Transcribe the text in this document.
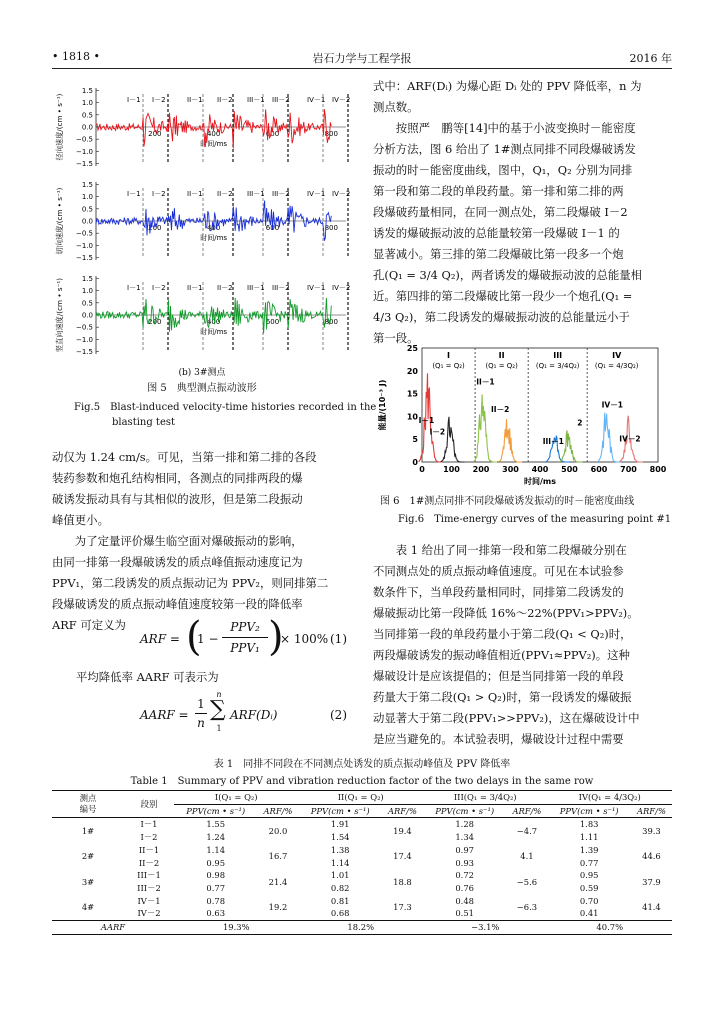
• 1818 •	岩石力学与工程学报	2016 年
径向速度/(cm • s⁻¹)
1.5
1.0
0.5
0.0
−0.5
−1.0
−1.5
200	400	600	800
时间/ms
I－1 I－2	II－1 II－2 III－1 III－2 IV－1 IV－2
切向速度/(cm • s⁻¹)
1.5
1.0
0.5
0.0
−0.5
−1.0
−1.5
200	400	600	800
时间/ms
I－1 I－2	II－1 II－2 III－1 III－2 IV－1 IV－2
竖直向速度/(cm • s⁻¹)	1.5
1.0
0.5
0.0
−0.5
−1.0
−1.5
200	400	600	800
时间/ms
I－1 I－2	II－1 II－2 III－1 III－2 IV－1 IV－2
(b) 3#测点
图 5　典型测点振动波形
Fig.5　Blast-induced velocity-time histories recorded in the
blasting test

动仅为 1.24 cm/s。可见，当第一排和第二排的各段

装药参数和炮孔结构相同，各测点的同排两段的爆

破诱发振动具有与其相似的波形，但是第二段振动

峰值更小。

为了定量评价爆生临空面对爆破振动的影响，

由同一排第一段爆破诱发的质点峰值振动速度记为

PPV₁，第二段诱发的质点振动记为 PPV₂，则同排第二

段爆破诱发的质点振动峰值速度较第一段的降低率

ARF 可定义为

ARF = (
1 −
PPV₂
PPV₁ )
× 100% (1)
平均降低率 AARF 可表示为
AARF =
1
n
n
∑
1
ARF(Dᵢ)	(2)

式中：ARF(Dᵢ) 为爆心距 Dᵢ 处的 PPV 降低率，n 为

测点数。

按照严　鹏等[14]中的基于小波变换时－能密度

分析方法，图 6 给出了 1#测点同排不同段爆破诱发

振动的时－能密度曲线，图中，Q₁，Q₂ 分别为同排

第一段和第二段的单段药量。第一排和第二排的两

段爆破药量相同，在同一测点处，第二段爆破 I－2

诱发的爆破振动波的总能量较第一段爆破 I－1 的

显著减小。第三排的第二段爆破比第一段多一个炮

孔(Q₁ = 3/4 Q₂)，两者诱发的爆破振动波的总能量相

近。第四排的第二段爆破比第一段少一个炮孔(Q₁ =

4/3 Q₂)，第二段诱发的爆破振动波的总能量远小于

第一段。

能量/(10⁻³ J)
0
5
10
15
20
25
0 100 200 300 400 500 600 700 800
时间/ms
I
(Q₁ = Q₂)
II
(Q₁ = Q₂)
III
(Q₁ = 3/4Q₂)
IV
(Q₁ = 4/3Q₂)
I－1
I－2
II－1
II－2
III－1
2
IV－1
IV－2
图 6　1#测点同排不同段爆破诱发振动的时－能密度曲线
Fig.6　Time-energy curves of the measuring point #1

表 1 给出了同一排第一段和第二段爆破分别在

不同测点处的质点振动峰值速度。可见在本试验参

数条件下，当单段药量相同时，同排第二段诱发的

爆破振动比第一段降低 16%～22%(PPV₁>PPV₂)。

当同排第一段的单段药量小于第二段(Q₁ < Q₂)时，

两段爆破诱发的振动峰值相近(PPV₁≈PPV₂)。这种

爆破设计是应该提倡的；但是当同排第一段的单段

药量大于第二段(Q₁ > Q₂)时，第一段诱发的爆破振

动显著大于第二段(PPV₁>>PPV₂)，这在爆破设计中

是应当避免的。本试验表明，爆破设计过程中需要

表 1　同排不同段在不同测点处诱发的质点振动峰值及 PPV 降低率
Table 1　Summary of PPV and vibration reduction factor of the two delays in the same row
测点
编号	段别	I(Q₁ = Q₂)		II(Q₁ = Q₂)		III(Q₁ = 3/4Q₂)		IV(Q₁ = 4/3Q₂)	
		PPV(cm • s⁻¹)	ARF/%	PPV(cm • s⁻¹)	ARF/%	PPV(cm • s⁻¹)	ARF/%	PPV(cm • s⁻¹)	ARF/%
1#	I－1	1.55	20.0	1.91	19.4	1.28	−4.7	1.83	39.3
	I－2	1.24		1.54		1.34		1.11	
2#	II－1	1.14	16.7	1.38	17.4	0.97	4.1	1.39	44.6
	II－2	0.95		1.14		0.93		0.77	
3#	III－1	0.98	21.4	1.01	18.8	0.72	−5.6	0.95	37.9
	III－2	0.77		0.82		0.76		0.59	
4#	IV－1	0.78	19.2	0.81	17.3	0.48	−6.3	0.70	41.4
	IV－2	0.63		0.68		0.51		0.41	
AARF		19.3%		18.2%		−3.1%		40.7%	
